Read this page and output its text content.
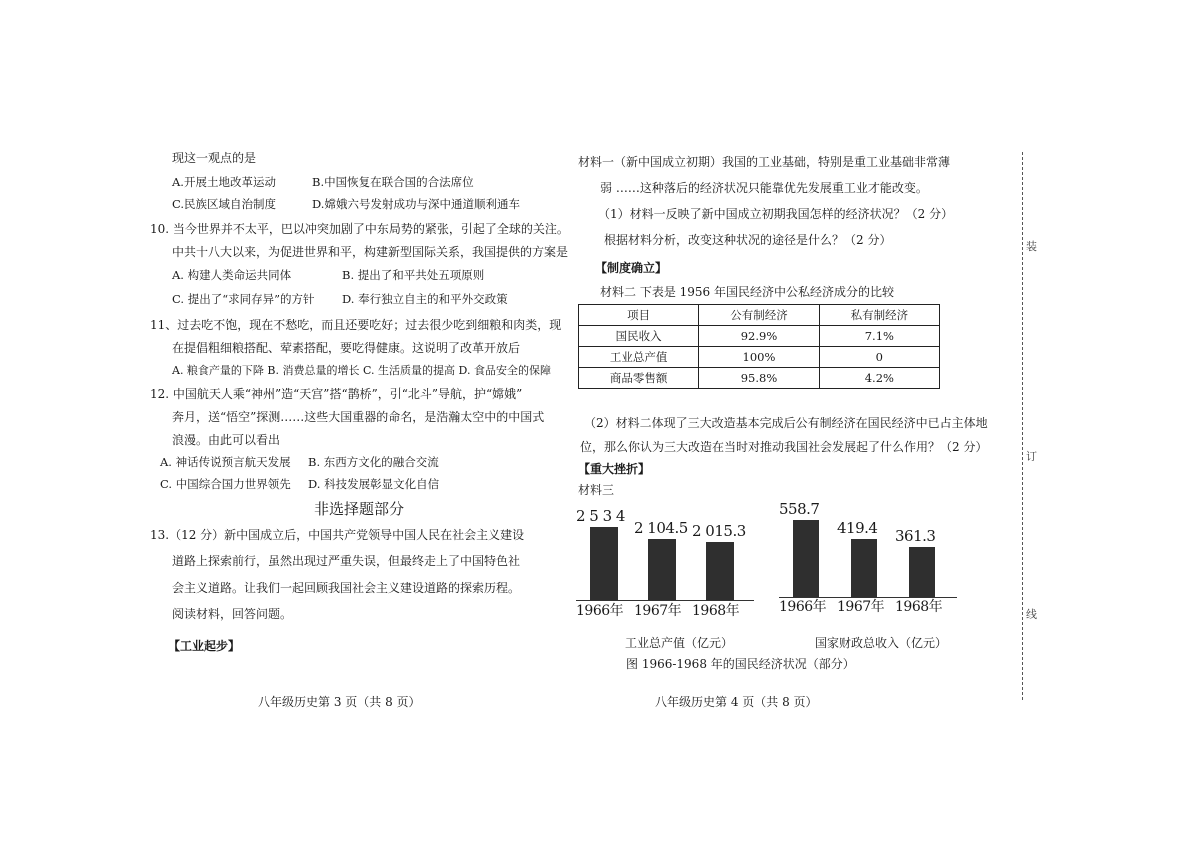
现这一观点的是
A.开展土地改革运动	B.中国恢复在联合国的合法席位
C.民族区域自治制度	D.嫦娥六号发射成功与深中通道顺利通车
10. 当今世界并不太平，巴以冲突加剧了中东局势的紧张，引起了全球的关注。
中共十八大以来，为促进世界和平，构建新型国际关系，我国提供的方案是
A. 构建人类命运共同体	B. 提出了和平共处五项原则
C. 提出了“求同存异”的方针 D. 奉行独立自主的和平外交政策
11、过去吃不饱，现在不愁吃，而且还要吃好；过去很少吃到细粮和肉类，现
在提倡粗细粮搭配、荤素搭配，要吃得健康。这说明了改革开放后
A. 粮食产量的下降 B. 消费总量的增长 C. 生活质量的提高 D. 食品安全的保障
12. 中国航天人乘“神州”造“天宫”搭“鹊桥”，引“北斗”导航，护“嫦娥”
奔月，送“悟空”探测……这些大国重器的命名，是浩瀚太空中的中国式
浪漫。由此可以看出
A. 神话传说预言航天发展 B. 东西方文化的融合交流
C. 中国综合国力世界领先 D. 科技发展彰显文化自信
非选择题部分
13.（12 分）新中国成立后，中国共产党领导中国人民在社会主义建设
道路上探索前行，虽然出现过严重失误，但最终走上了中国特色社
会主义道路。让我们一起回顾我国社会主义建设道路的探索历程。
阅读材料，回答问题。
【工业起步】
八年级历史第 3 页（共 8 页）
材料一（新中国成立初期）我国的工业基础，特别是重工业基础非常薄
弱 ……这种落后的经济状况只能靠优先发展重工业才能改变。
（1）材料一反映了新中国成立初期我国怎样的经济状况？（2 分）
根据材料分析，改变这种状况的途径是什么？（2 分）
【制度确立】
材料二 下表是 1956 年国民经济中公私经济成分的比较
项目	公有制经济	私有制经济
国民收入	92.9%	7.1%
工业总产值	100%	0
商品零售额	95.8%	4.2%
（2）材料二体现了三大改造基本完成后公有制经济在国民经济中已占主体地
位，那么你认为三大改造在当时对推动我国社会发展起了什么作用？（2 分）
【重大挫折】
材料三
2 5 3 4
1966年
2 104.5
1967年
2 015.3
1968年
558.7
1966年
419.4
1967年
361.3
1968年
工业总产值（亿元）	国家财政总收入（亿元）
图 1966-1968 年的国民经济状况（部分）
八年级历史第 4 页（共 8 页）
装
订
线
